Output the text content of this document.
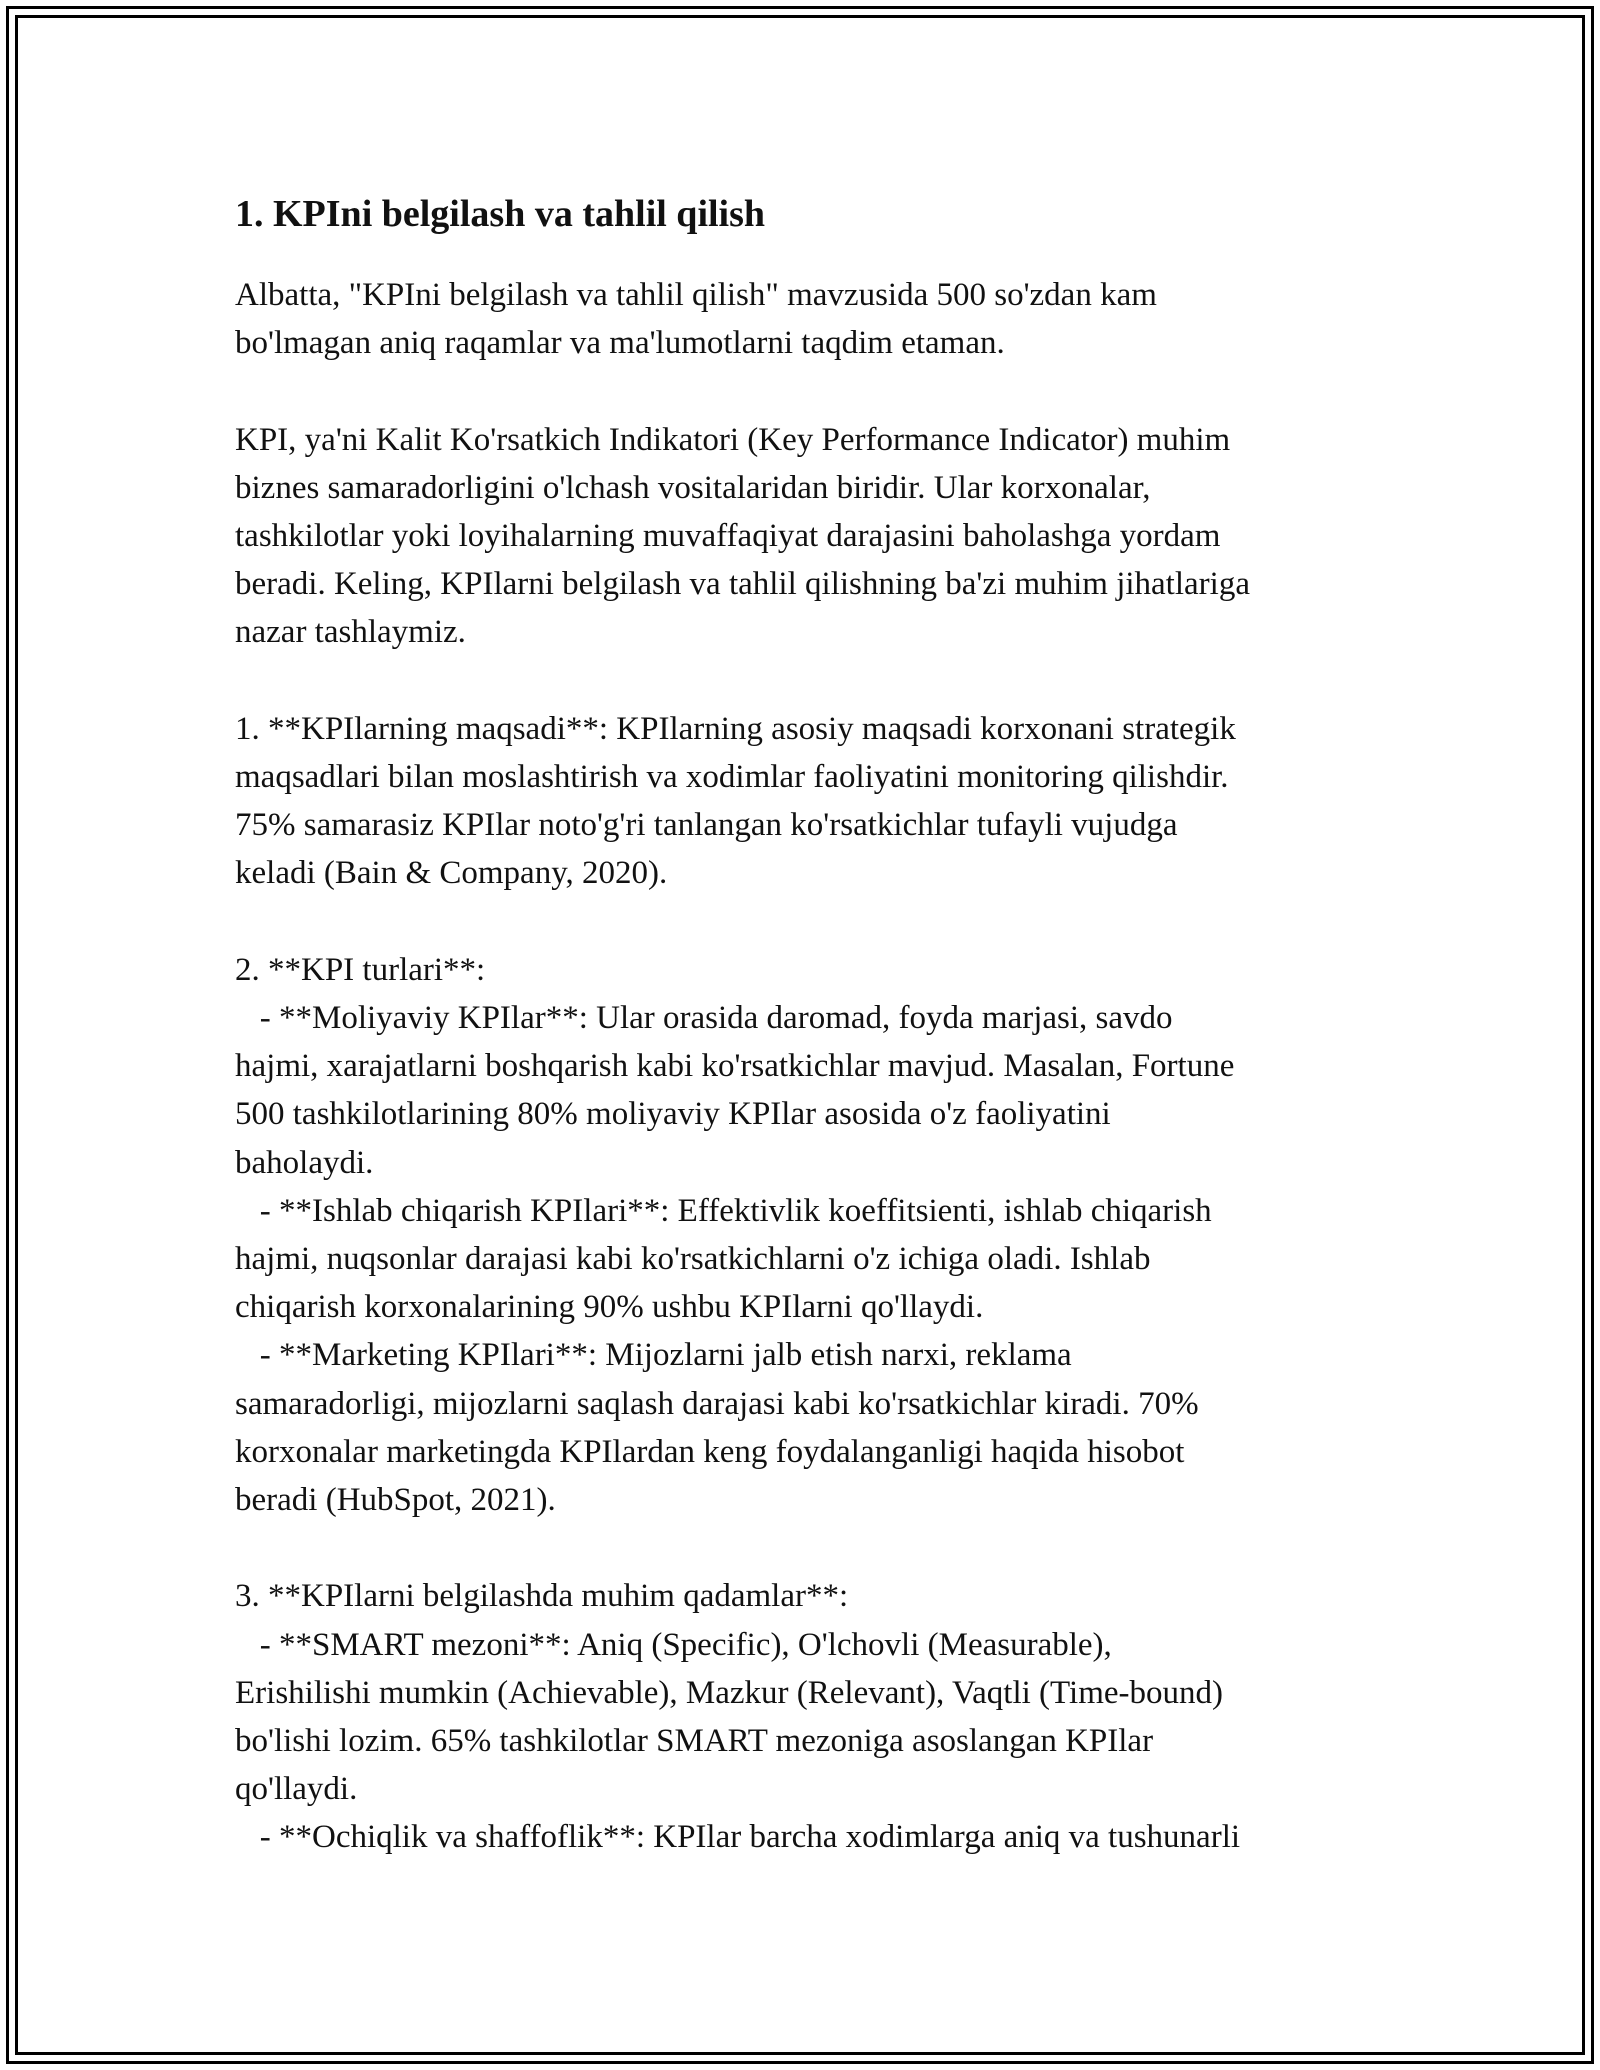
1. KPIni belgilash va tahlil qilish

Albatta, "KPIni belgilash va tahlil qilish" mavzusida 500 so'zdan kam

bo'lmagan aniq raqamlar va ma'lumotlarni taqdim etaman.

KPI, ya'ni Kalit Ko'rsatkich Indikatori (Key Performance Indicator) muhim

biznes samaradorligini o'lchash vositalaridan biridir. Ular korxonalar,

tashkilotlar yoki loyihalarning muvaffaqiyat darajasini baholashga yordam

beradi. Keling, KPIlarni belgilash va tahlil qilishning ba'zi muhim jihatlariga

nazar tashlaymiz.

1. **KPIlarning maqsadi**: KPIlarning asosiy maqsadi korxonani strategik

maqsadlari bilan moslashtirish va xodimlar faoliyatini monitoring qilishdir.

75% samarasiz KPIlar noto'g'ri tanlangan ko'rsatkichlar tufayli vujudga

keladi (Bain & Company, 2020).

2. **KPI turlari**:

- **Moliyaviy KPIlar**: Ular orasida daromad, foyda marjasi, savdo

hajmi, xarajatlarni boshqarish kabi ko'rsatkichlar mavjud. Masalan, Fortune

500 tashkilotlarining 80% moliyaviy KPIlar asosida o'z faoliyatini

baholaydi.

- **Ishlab chiqarish KPIlari**: Effektivlik koeffitsienti, ishlab chiqarish

hajmi, nuqsonlar darajasi kabi ko'rsatkichlarni o'z ichiga oladi. Ishlab

chiqarish korxonalarining 90% ushbu KPIlarni qo'llaydi.

- **Marketing KPIlari**: Mijozlarni jalb etish narxi, reklama

samaradorligi, mijozlarni saqlash darajasi kabi ko'rsatkichlar kiradi. 70%

korxonalar marketingda KPIlardan keng foydalanganligi haqida hisobot

beradi (HubSpot, 2021).

3. **KPIlarni belgilashda muhim qadamlar**:

- **SMART mezoni**: Aniq (Specific), O'lchovli (Measurable),

Erishilishi mumkin (Achievable), Mazkur (Relevant), Vaqtli (Time-bound)

bo'lishi lozim. 65% tashkilotlar SMART mezoniga asoslangan KPIlar

qo'llaydi.

- **Ochiqlik va shaffoflik**: KPIlar barcha xodimlarga aniq va tushunarli
